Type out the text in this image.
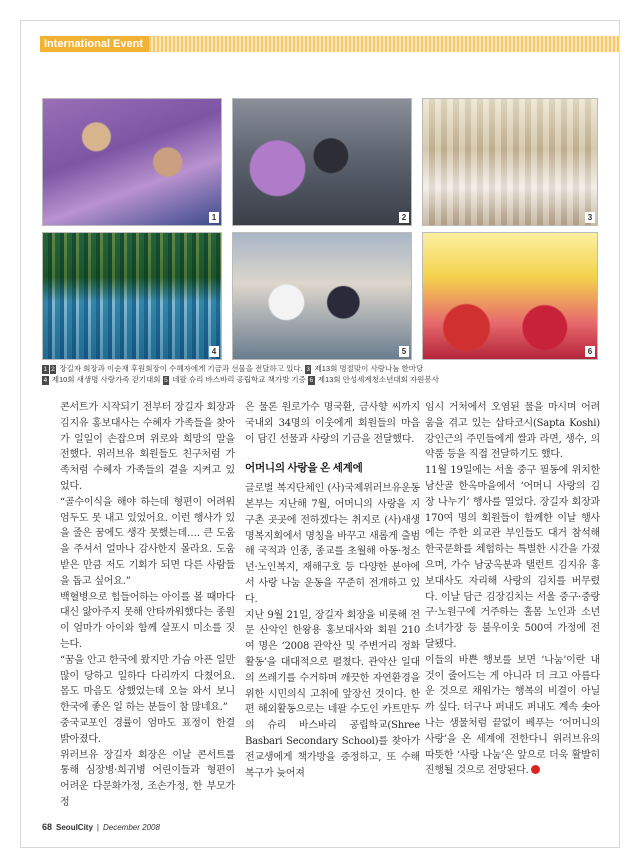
International Event
1	2	3
4	5	6
1 2 장길자 회장과 이순재 후원회장이 수혜자에게 기금과 선물을 전달하고 있다. 3 제13회 명절맞이 사랑나눔 한마당
4 제10회 새생명 사랑가족 걷기대회 5 네팔 슈리 바스바리 공립학교 책가방 기증 6 제13회 안성세계청소년대회 자원봉사

콘서트가 시작되기 전부터 장길자 회장과 김지유 홍보대사는 수혜자 가족들을 찾아가 일일이 손잡으며 위로와 희망의 말을 전했다. 위러브유 회원들도 친구처럼 가족처럼 수혜자 가족들의 곁을 지켜고 있었다.

“골수이식을 해야 하는데 형편이 어려워 엄두도 못 내고 있었어요. 이런 행사가 있을 줄은 꿈에도 생각 못했는데…. 큰 도움을 주셔서 얼마나 감사한지 몰라요. 도움받은 만큼 저도 기회가 되면 다른 사람들을 돕고 싶어요.”

백혈병으로 힘들어하는 아이를 볼 때마다 대신 앓아주지 못해 안타까워했다는 종원이 엄마가 아이와 함께 살포시 미소를 짓는다.

“꿈을 안고 한국에 왔지만 가슴 아픈 일만 많이 당하고 일하다 다리까지 다쳤어요. 몸도 마음도 상했었는데 오늘 와서 보니 한국에 좋은 일 하는 분들이 참 많네요.”

중국교포인 경률이 엄마도 표정이 한결 밝아졌다.

위러브유 장길자 회장은 이날 콘서트를 통해 심장병·희귀병 어린이들과 형편이 어려운 다문화가정, 조손가정, 한 부모가정

은 물론 원로가수 명국환, 금사향 씨까지 국내외 34명의 이웃에게 회원들의 마음이 담긴 선물과 사랑의 기금을 전달했다.

어머니의 사랑을 온 세계에

글로벌 복지단체인 (사)국제위러브유운동본부는 지난해 7월, 어머니의 사랑을 지구촌 곳곳에 전하겠다는 취지로 (사)새생명복지회에서 명칭을 바꾸고 새롭게 출범해 국적과 인종, 종교를 초월해 아동·청소년·노인복지, 재해구호 등 다양한 분야에서 사랑 나눔 운동을 꾸준히 전개하고 있다.

지난 9월 21일, 장길자 회장을 비롯해 전문 산악인 한왕용 홍보대사와 회원 210여 명은 ‘2008 관악산 및 주변거리 정화활동’을 대대적으로 펼쳤다. 관악산 일대의 쓰레기를 수거하며 깨끗한 자연환경을 위한 시민의식 고취에 앞장선 것이다. 한편 해외활동으로는 네팔 수도인 카트만두의 슈리 바스바리 공립학교(Shree Basbari Secondary School)를 찾아가 전교생에게 책가방을 증정하고, 또 수해 복구가 늦어져

임시 거처에서 오염된 물을 마시며 어려움을 겪고 있는 삽타코시(Sapta Koshi) 강인근의 주민들에게 쌀과 라면, 생수, 의약품 등을 직접 전달하기도 했다.

11월 19일에는 서울 중구 필동에 위치한 남산골 한옥마을에서 ‘어머니 사랑의 김장 나누기’ 행사를 열었다. 장길자 회장과 170여 명의 회원들이 함께한 이날 행사에는 주한 외교관 부인들도 대거 참석해 한국문화를 체험하는 특별한 시간을 가졌으며, 가수 남궁옥분과 탤런트 김지유 홍보대사도 자리해 사랑의 김치를 버무렸다. 이날 담근 김장김치는 서울 중구·중랑구·노원구에 거주하는 홀몸 노인과 소년소녀가장 등 불우이웃 500여 가정에 전달됐다.

이들의 바쁜 행보를 보면 ‘나눔’이란 내 것이 줄어드는 게 아니라 더 크고 아름다운 것으로 채워가는 행복의 비결이 아닐까 싶다. 더구나 퍼내도 퍼내도 계속 솟아나는 샘물처럼 끝없이 베푸는 ‘어머니의 사랑’을 온 세계에 전한다니 위러브유의 따뜻한 ‘사랑 나눔’은 앞으로 더욱 활발히 진행될 것으로 전망된다.

68 SeoulCity | December 2008
